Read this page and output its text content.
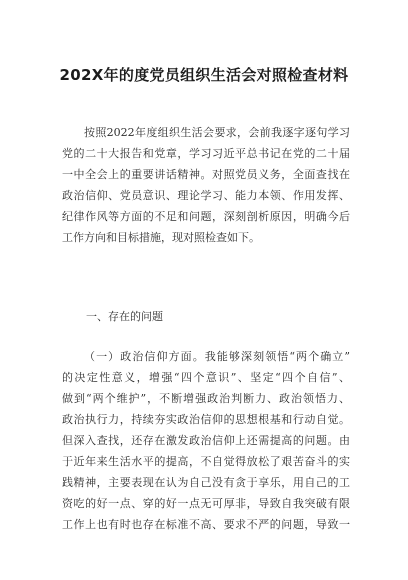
202X年的度党员组织生活会对照检查材料
按照2022年度组织生活会要求，会前我逐字逐句学习
党的二十大报告和党章，学习习近平总书记在党的二十届
一中全会上的重要讲话精神。对照党员义务，全面查找在
政治信仰、党员意识、理论学习、能力本领、作用发挥、
纪律作风等方面的不足和问题，深刻剖析原因，明确今后
工作方向和目标措施，现对照检查如下。
一、存在的问题
（一）政治信仰方面。我能够深刻领悟“两个确立”
的决定性意义，增强“四个意识”、坚定“四个自信”、
做到“两个维护”，不断增强政治判断力、政治领悟力、
政治执行力，持续夯实政治信仰的思想根基和行动自觉。
但深入查找，还存在激发政治信仰上还需提高的问题。由
于近年来生活水平的提高，不自觉得放松了艰苦奋斗的实
践精神，主要表现在认为自己没有贪于享乐，用自己的工
资吃的好一点、穿的好一点无可厚非，导致自我突破有限
工作上也有时也存在标准不高、要求不严的问题，导致一
